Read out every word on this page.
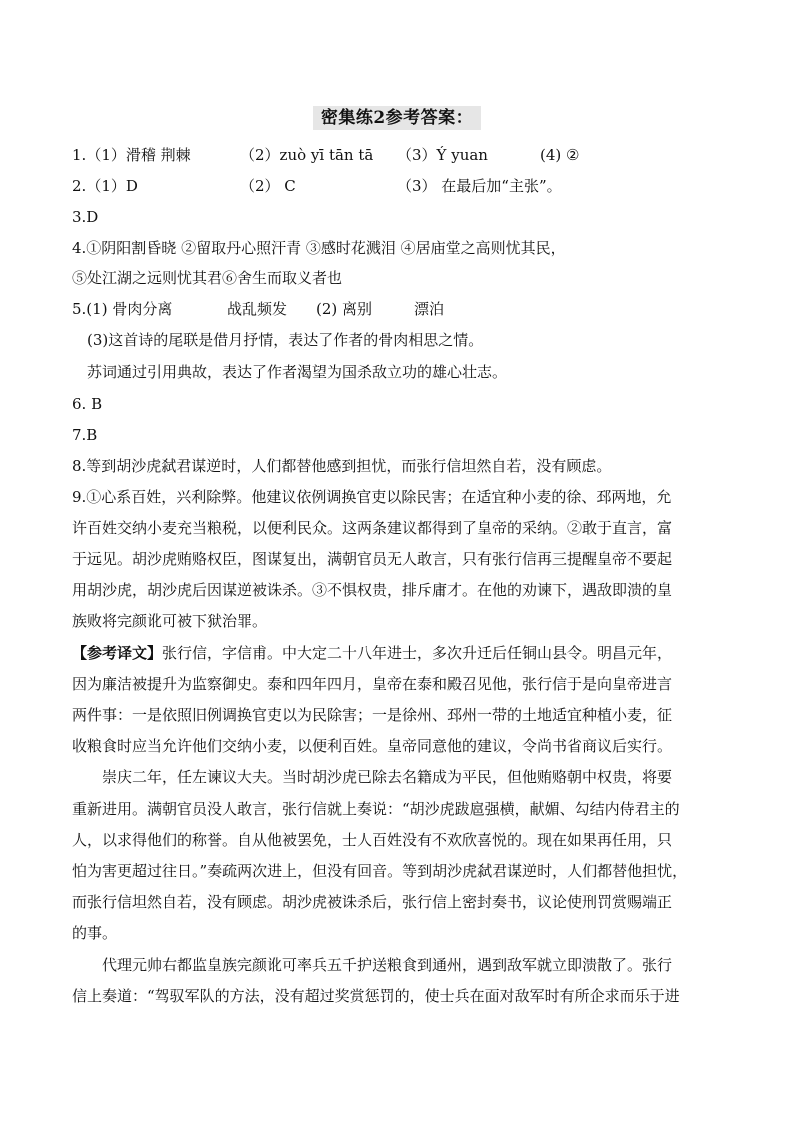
密集练2参考答案：
1.（1）滑稽 荆棘	（2）zuò yī tān tā （3）Ý yuan	(4) ②
2.（1）D	（2） C	（3） 在最后加“主张”。
3.D
4.①阴阳割昏晓 ②留取丹心照汗青 ③感时花溅泪 ④居庙堂之高则忧其民，
⑤处江湖之远则忧其君⑥舍生而取义者也
5.(1) 骨肉分离	战乱频发 (2) 离别	漂泊
(3)这首诗的尾联是借月抒情，表达了作者的骨肉相思之情。
苏词通过引用典故，表达了作者渴望为国杀敌立功的雄心壮志。
6. B
7.B
8.等到胡沙虎弑君谋逆时，人们都替他感到担忧，而张行信坦然自若，没有顾虑。
9.①心系百姓，兴利除弊。他建议依例调换官吏以除民害；在适宜种小麦的徐、邳两地，允
许百姓交纳小麦充当粮税，以便利民众。这两条建议都得到了皇帝的采纳。②敢于直言，富
于远见。胡沙虎贿赂权臣，图谋复出，满朝官员无人敢言，只有张行信再三提醒皇帝不要起
用胡沙虎，胡沙虎后因谋逆被诛杀。③不惧权贵，排斥庸才。在他的劝谏下，遇敌即溃的皇
族败将完颜讹可被下狱治罪。
【参考译文】张行信，字信甫。中大定二十八年进士，多次升迁后任铜山县令。明昌元年，
因为廉洁被提升为监察御史。泰和四年四月，皇帝在泰和殿召见他，张行信于是向皇帝进言
两件事：一是依照旧例调换官吏以为民除害；一是徐州、邳州一带的土地适宜种植小麦，征
收粮食时应当允许他们交纳小麦，以便利百姓。皇帝同意他的建议，令尚书省商议后实行。
崇庆二年，任左谏议大夫。当时胡沙虎已除去名籍成为平民，但他贿赂朝中权贵，将要
重新进用。满朝官员没人敢言，张行信就上奏说：“胡沙虎跋扈强横，献媚、勾结内侍君主的
人，以求得他们的称誉。自从他被罢免，士人百姓没有不欢欣喜悦的。现在如果再任用，只
怕为害更超过往日。”奏疏两次进上，但没有回音。等到胡沙虎弑君谋逆时，人们都替他担忧，
而张行信坦然自若，没有顾虑。胡沙虎被诛杀后，张行信上密封奏书，议论使刑罚赏赐端正
的事。
代理元帅右都监皇族完颜讹可率兵五千护送粮食到通州，遇到敌军就立即溃散了。张行
信上奏道：“驾驭军队的方法，没有超过奖赏惩罚的，使士兵在面对敌军时有所企求而乐于进
